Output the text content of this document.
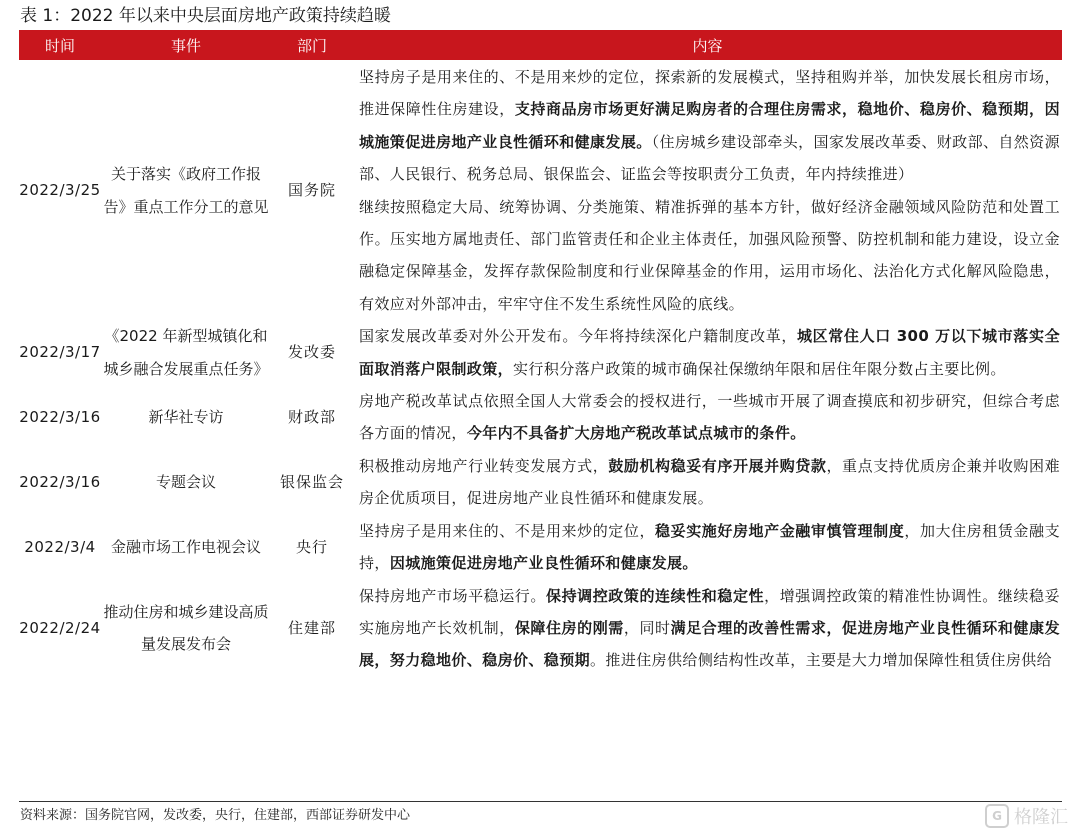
表 1：2022 年以来中央层面房地产政策持续趋暖
时间	事件	部门	内容
2022/3/25	关于落实《政府工作报告》重点工作分工的意见	国务院	坚持房子是用来住的、不是用来炒的定位，探索新的发展模式，坚持租购并举，加快发展长租房市场，推进保障性住房建设，支持商品房市场更好满足购房者的合理住房需求，稳地价、稳房价、稳预期，因城施策促进房地产业良性循环和健康发展。（住房城乡建设部牵头，国家发展改革委、财政部、自然资源部、人民银行、税务总局、银保监会、证监会等按职责分工负责，年内持续推进）

继续按照稳定大局、统筹协调、分类施策、精准拆弹的基本方针，做好经济金融领域风险防范和处置工作。压实地方属地责任、部门监管责任和企业主体责任，加强风险预警、防控机制和能力建设，设立金融稳定保障基金，发挥存款保险制度和行业保障基金的作用，运用市场化、法治化方式化解风险隐患，有效应对外部冲击，牢牢守住不发生系统性风险的底线。

2022/3/17	《2022 年新型城镇化和城乡融合发展重点任务》	发改委	国家发展改革委对外公开发布。今年将持续深化户籍制度改革，城区常住人口 300 万以下城市落实全面取消落户限制政策，实行积分落户政策的城市确保社保缴纳年限和居住年限分数占主要比例。

2022/3/16	新华社专访	财政部	房地产税改革试点依照全国人大常委会的授权进行，一些城市开展了调查摸底和初步研究，但综合考虑各方面的情况，今年内不具备扩大房地产税改革试点城市的条件。

2022/3/16	专题会议	银保监会	积极推动房地产行业转变发展方式，鼓励机构稳妥有序开展并购贷款，重点支持优质房企兼并收购困难房企优质项目，促进房地产业良性循环和健康发展。

2022/3/4	金融市场工作电视会议	央行	坚持房子是用来住的、不是用来炒的定位，稳妥实施好房地产金融审慎管理制度，加大住房租赁金融支持，因城施策促进房地产业良性循环和健康发展。

2022/2/24	推动住房和城乡建设高质量发展发布会	住建部	保持房地产市场平稳运行。保持调控政策的连续性和稳定性，增强调控政策的精准性协调性。继续稳妥实施房地产长效机制，保障住房的刚需，同时满足合理的改善性需求，促进房地产业良性循环和健康发展，努力稳地价、稳房价、稳预期。推进住房供给侧结构性改革，主要是大力增加保障性租赁住房供给

资料来源：国务院官网，发改委，央行，住建部，西部证券研发中心	G 格隆汇
